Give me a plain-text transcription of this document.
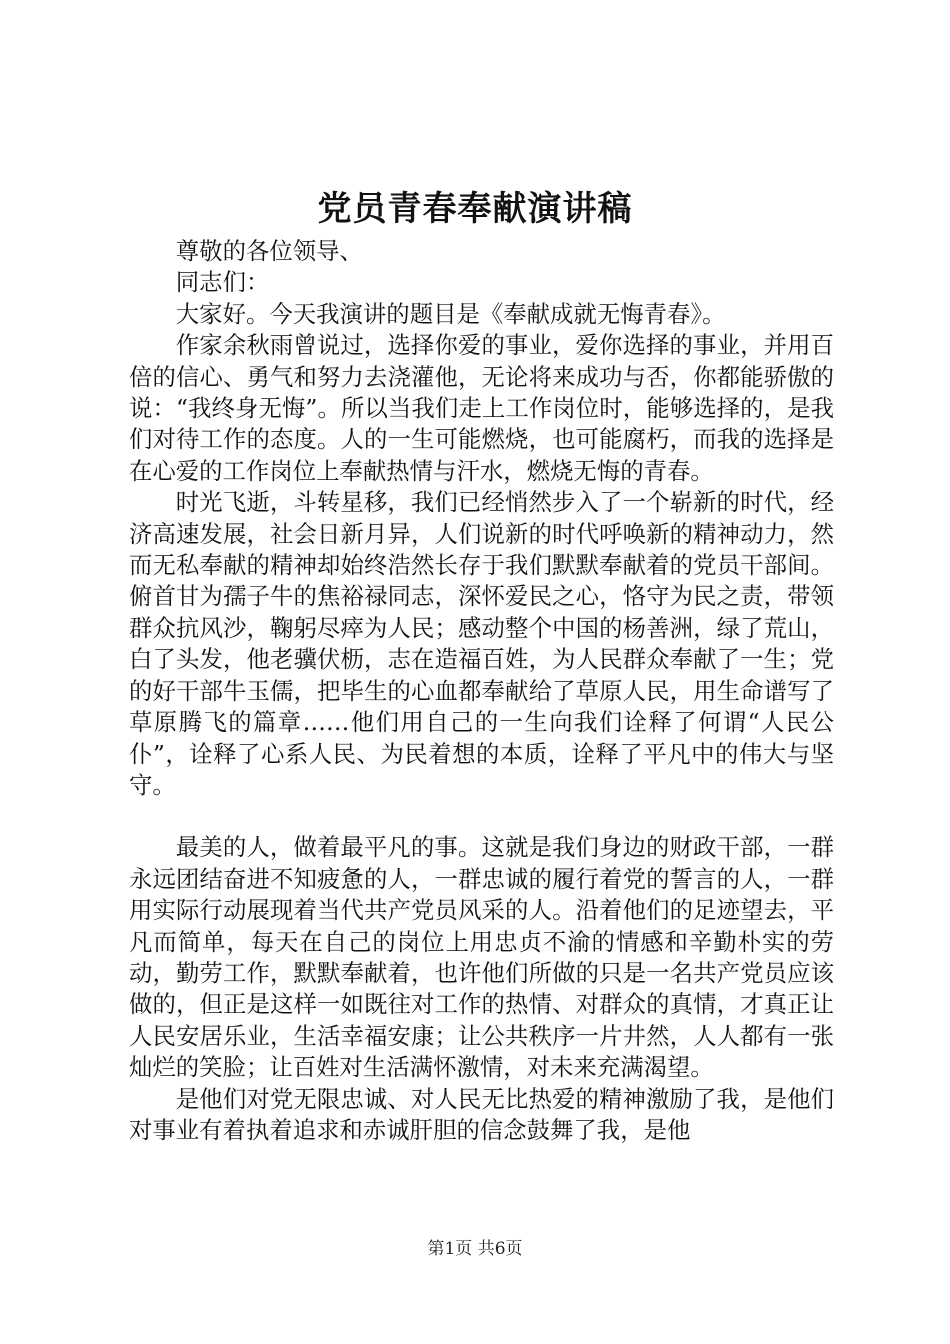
党员青春奉献演讲稿

尊敬的各位领导、

同志们：

大家好。今天我演讲的题目是《奉献成就无悔青春》。

作家余秋雨曾说过，选择你爱的事业，爱你选择的事业，并用百倍的信心、勇气和努力去浇灌他，无论将来成功与否，你都能骄傲的说：“我终身无悔”。所以当我们走上工作岗位时，能够选择的，是我们对待工作的态度。人的一生可能燃烧，也可能腐朽，而我的选择是在心爱的工作岗位上奉献热情与汗水，燃烧无悔的青春。

时光飞逝，斗转星移，我们已经悄然步入了一个崭新的时代，经济高速发展，社会日新月异，人们说新的时代呼唤新的精神动力，然而无私奉献的精神却始终浩然长存于我们默默奉献着的党员干部间。俯首甘为孺子牛的焦裕禄同志，深怀爱民之心，恪守为民之责，带领群众抗风沙，鞠躬尽瘁为人民；感动整个中国的杨善洲，绿了荒山，白了头发，他老骥伏枥，志在造福百姓，为人民群众奉献了一生；党的好干部牛玉儒，把毕生的心血都奉献给了草原人民，用生命谱写了草原腾飞的篇章……他们用自己的一生向我们诠释了何谓“人民公仆”，诠释了心系人民、为民着想的本质，诠释了平凡中的伟大与坚守。

最美的人，做着最平凡的事。这就是我们身边的财政干部，一群永远团结奋进不知疲惫的人，一群忠诚的履行着党的誓言的人，一群用实际行动展现着当代共产党员风采的人。沿着他们的足迹望去，平凡而简单，每天在自己的岗位上用忠贞不渝的情感和辛勤朴实的劳动，勤劳工作，默默奉献着，也许他们所做的只是一名共产党员应该做的，但正是这样一如既往对工作的热情、对群众的真情，才真正让人民安居乐业，生活幸福安康；让公共秩序一片井然，人人都有一张灿烂的笑脸；让百姓对生活满怀激情，对未来充满渴望。

是他们对党无限忠诚、对人民无比热爱的精神激励了我，是他们对事业有着执着追求和赤诚肝胆的信念鼓舞了我，是他

第1页 共6页
